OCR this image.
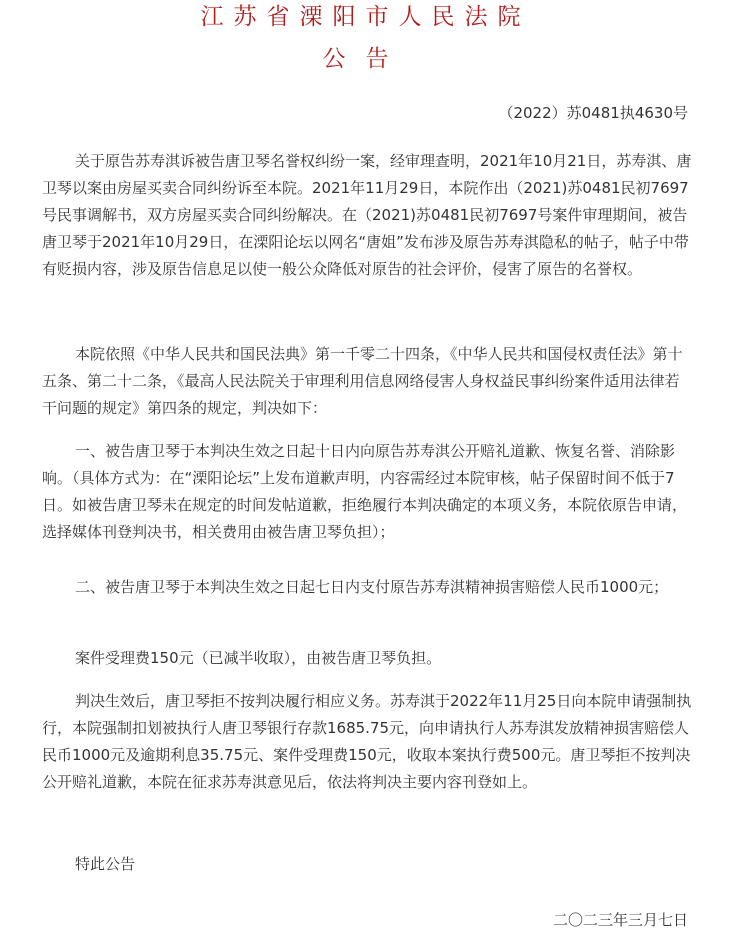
江苏省溧阳市人民法院
公告
（2022）苏0481执4630号

关于原告苏寿淇诉被告唐卫琴名誉权纠纷一案，经审理查明，2021年10月21日，苏寿淇、唐卫琴以案由房屋买卖合同纠纷诉至本院。2021年11月29日，本院作出（2021)苏0481民初7697号民事调解书，双方房屋买卖合同纠纷解决。在（2021)苏0481民初7697号案件审理期间，被告唐卫琴于2021年10月29日，在溧阳论坛以网名“唐姐”发布涉及原告苏寿淇隐私的帖子，帖子中带有贬损内容，涉及原告信息足以使一般公众降低对原告的社会评价，侵害了原告的名誉权。

本院依照《中华人民共和国民法典》第一千零二十四条，《中华人民共和国侵权责任法》第十五条、第二十二条，《最高人民法院关于审理利用信息网络侵害人身权益民事纠纷案件适用法律若干问题的规定》第四条的规定，判决如下：

一、被告唐卫琴于本判决生效之日起十日内向原告苏寿淇公开赔礼道歉、恢复名誉、消除影响。（具体方式为：在“溧阳论坛”上发布道歉声明，内容需经过本院审核，帖子保留时间不低于7日。如被告唐卫琴未在规定的时间发帖道歉，拒绝履行本判决确定的本项义务，本院依原告申请，选择媒体刊登判决书，相关费用由被告唐卫琴负担）；

二、被告唐卫琴于本判决生效之日起七日内支付原告苏寿淇精神损害赔偿人民币1000元；

案件受理费150元（已减半收取），由被告唐卫琴负担。

判决生效后，唐卫琴拒不按判决履行相应义务。苏寿淇于2022年11月25日向本院申请强制执行，本院强制扣划被执行人唐卫琴银行存款1685.75元，向申请执行人苏寿淇发放精神损害赔偿人民币1000元及逾期利息35.75元、案件受理费150元，收取本案执行费500元。唐卫琴拒不按判决公开赔礼道歉，本院在征求苏寿淇意见后，依法将判决主要内容刊登如上。

特此公告

二〇二三年三月七日
